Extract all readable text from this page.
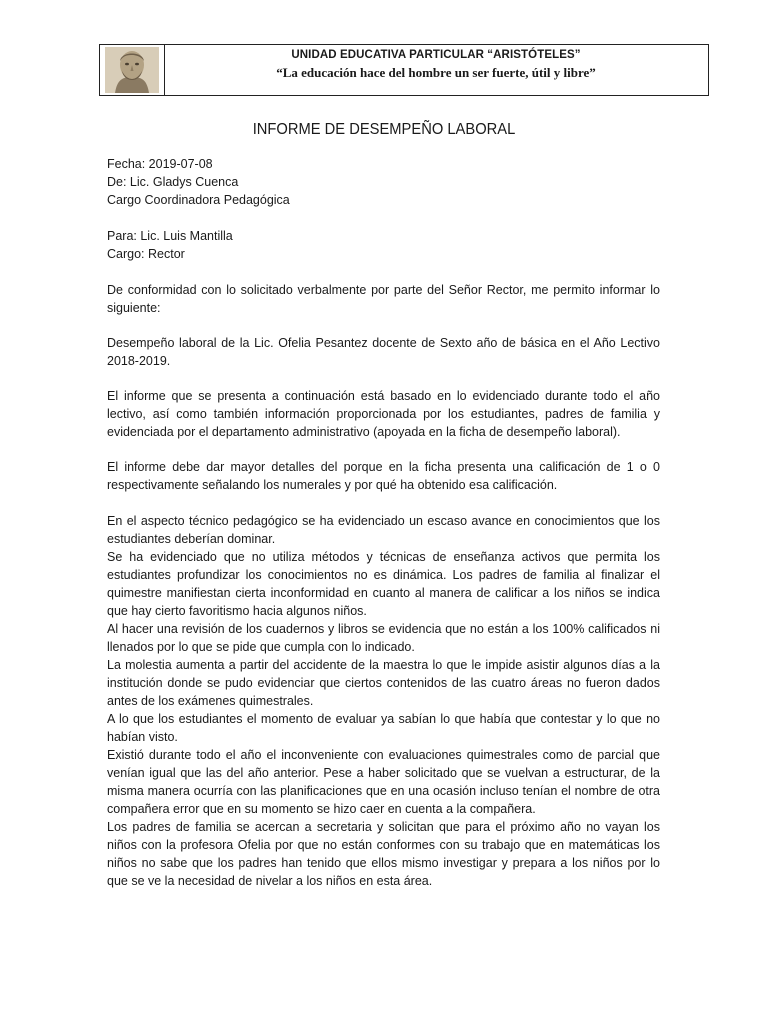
UNIDAD EDUCATIVA PARTICULAR “ARISTÓTELES”
“La educación hace del hombre un ser fuerte, útil y libre”
INFORME DE DESEMPEÑO LABORAL
Fecha: 2019-07-08
De: Lic. Gladys Cuenca
Cargo Coordinadora Pedagógica
Para: Lic. Luis Mantilla
Cargo: Rector
De conformidad con lo solicitado verbalmente por parte del Señor Rector, me permito informar lo siguiente:
Desempeño laboral de la Lic. Ofelia Pesantez docente de Sexto año de básica en el Año Lectivo 2018-2019.
El informe que se presenta a continuación está basado en lo evidenciado durante todo el año lectivo, así como también información proporcionada por los estudiantes, padres de familia y evidenciada por el departamento administrativo (apoyada en la ficha de desempeño laboral).
El informe debe dar mayor detalles del porque en la ficha presenta una calificación de 1 o 0 respectivamente señalando los numerales y por qué ha obtenido esa calificación.

En el aspecto técnico pedagógico se ha evidenciado un escaso avance en conocimientos que los estudiantes deberían dominar.

Se ha evidenciado que no utiliza métodos y técnicas de enseñanza activos que permita los estudiantes profundizar los conocimientos no es dinámica. Los padres de familia al finalizar el quimestre manifiestan cierta inconformidad en cuanto al manera de calificar a los niños se indica que hay cierto favoritismo hacia algunos niños.

Al hacer una revisión de los cuadernos y libros se evidencia que no están a los 100% calificados ni llenados por lo que se pide que cumpla con lo indicado.

La molestia aumenta a partir del accidente de la maestra lo que le impide asistir algunos días a la institución donde se pudo evidenciar que ciertos contenidos de las cuatro áreas no fueron dados antes de los exámenes quimestrales.

A lo que los estudiantes el momento de evaluar ya sabían lo que había que contestar y lo que no habían visto.

Existió durante todo el año el inconveniente con evaluaciones quimestrales como de parcial que venían igual que las del año anterior. Pese a haber solicitado que se vuelvan a estructurar, de la misma manera ocurría con las planificaciones que en una ocasión incluso tenían el nombre de otra compañera error que en su momento se hizo caer en cuenta a la compañera.

Los padres de familia se acercan a secretaria y solicitan que para el próximo año no vayan los niños con la profesora Ofelia por que no están conformes con su trabajo que en matemáticas los niños no sabe que los padres han tenido que ellos mismo investigar y prepara a los niños por lo que se ve la necesidad de nivelar a los niños en esta área.
